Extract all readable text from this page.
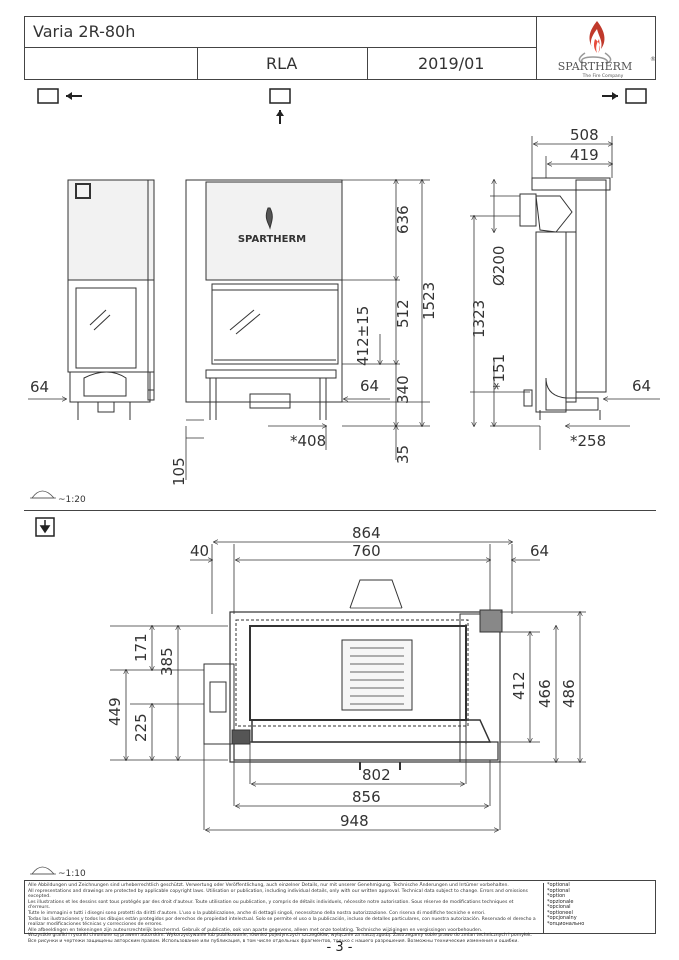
Varia 2R-80h
RLA	2019/01	SPARTHERM
®
The Fire Company
64
SPARTHERM
636
512
412±15
340
35
1523
105
64
*408
1323
Ø200
*151
508
419
64
*258
~1:20
864
40	760	64
171 385
449
225
412 466 486
802
856
948
~1:10
Alle Abbildungen und Zeichnungen sind urheberrechtlich geschützt. Verwertung oder Veröffentlichung, auch einzelner Details, nur mit unserer Genehmigung. Technische Änderungen und Irrtümer vorbehalten.
All representations and drawings are protected by applicable copyright laws. Utilisation or publication, including individual details, only with our written approval. Technical data subject to change. Errors and omissions excepted.
Les illustrations et les dessins sont tous protégés par des droit d'auteur. Toute utilisation ou publication, y compris de détails individuels, nécessite notre autorisation. Sous réserve de modifications techniques et d'erreurs.
Tutte le immagini e tutti i disegni sono protetti da diritti d'autore. L'uso o la pubblicazione, anche di dettagli singoli, necessitano della nostra autorizzazione. Con riserva di modifiche tecniche e errori.
Todas las ilustraciones y todos los dibujos están protegidos por derechos de propiedad intelectual. Solo se permite el uso o la publicación, incluso de detalles particulares, con nuestra autorización. Reservado el derecho a realizar modificaciones técnicas y correcciones de errores.
Alle afbeeldingen en tekeningen zijn auteursrechtelijk beschermd. Gebruik of publicatie, ook van aparte gegevens, alleen met onze toelating. Technische wijzigingen en vergissingen voorbehouden.
Wszystkie grafiki i rysunki chronione są prawem autorskim. Wykorzystywanie lub publikowanie, również pojedynczych szczegółów, wyłącznie za naszą zgodą. Zastrzegamy sobie prawo do zmian technicznych i pomyłek.
Все рисунки и чертежи защищены авторским правом. Использование или публикация, в том числе отдельных фрагментов, только с нашего разрешения. Возможны технические изменения и ошибки.
*optional
*optional
*option
*opzionale
*opcional
*optioneel
*opcjonalny
*опционально
- 3 -
